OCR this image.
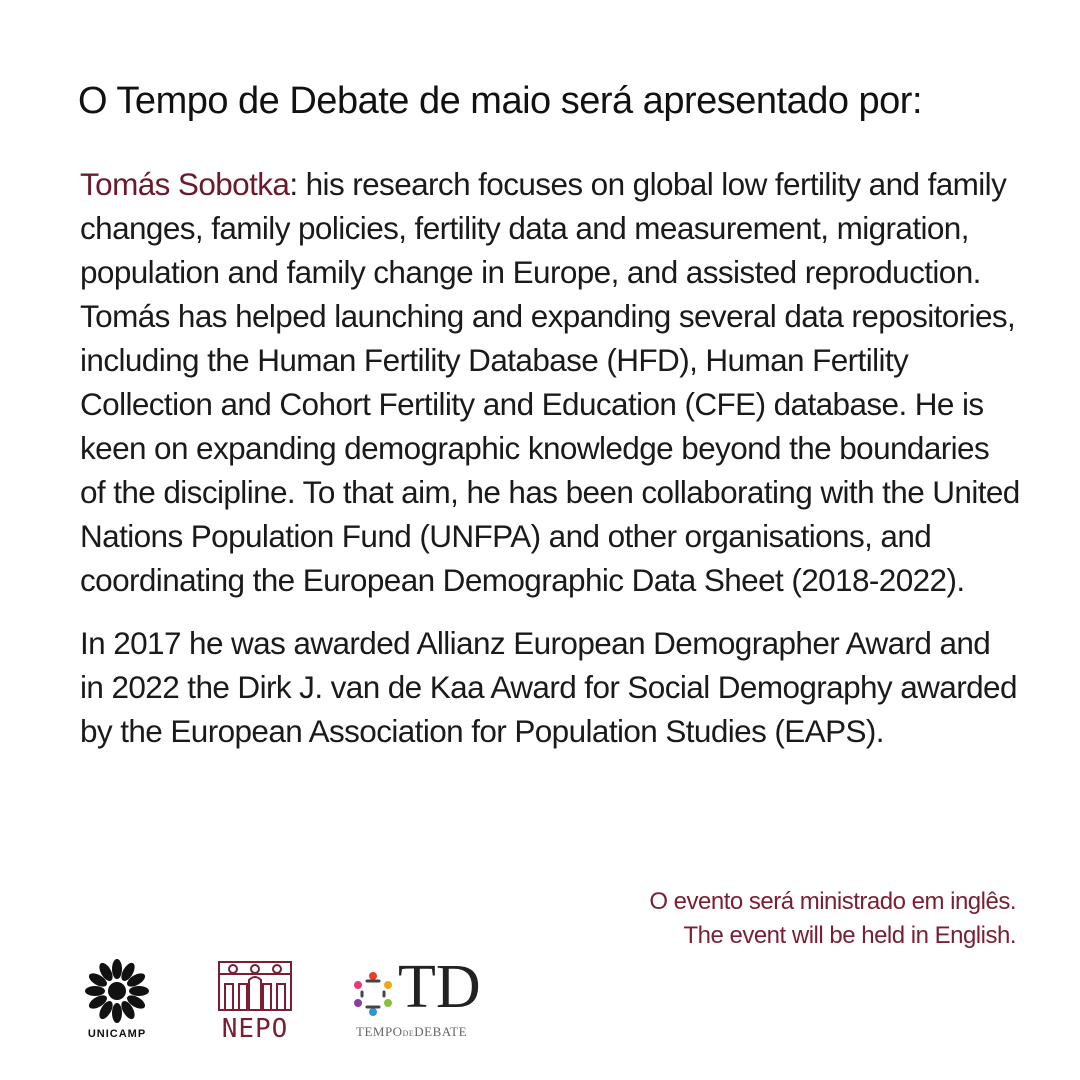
O Tempo de Debate de maio será apresentado por:

Tomás Sobotka: his research focuses on global low fertility and family changes, family policies, fertility data and measurement, migration, population and family change in Europe, and assisted reproduction. Tomás has helped launching and expanding several data repositories, including the Human Fertility Database (HFD), Human Fertility Collection and Cohort Fertility and Education (CFE) database. He is keen on expanding demographic knowledge beyond the boundaries of the discipline. To that aim, he has been collaborating with the United Nations Population Fund (UNFPA) and other organisations, and coordinating the European Demographic Data Sheet (2018-2022).

In 2017 he was awarded Allianz European Demographer Award and in 2022 the Dirk J. van de Kaa Award for Social Demography awarded by the European Association for Population Studies (EAPS).

O evento será ministrado em inglês.
The event will be held in English.
UNICAMP	NEPO
TD
TEMPODEDEBATE
